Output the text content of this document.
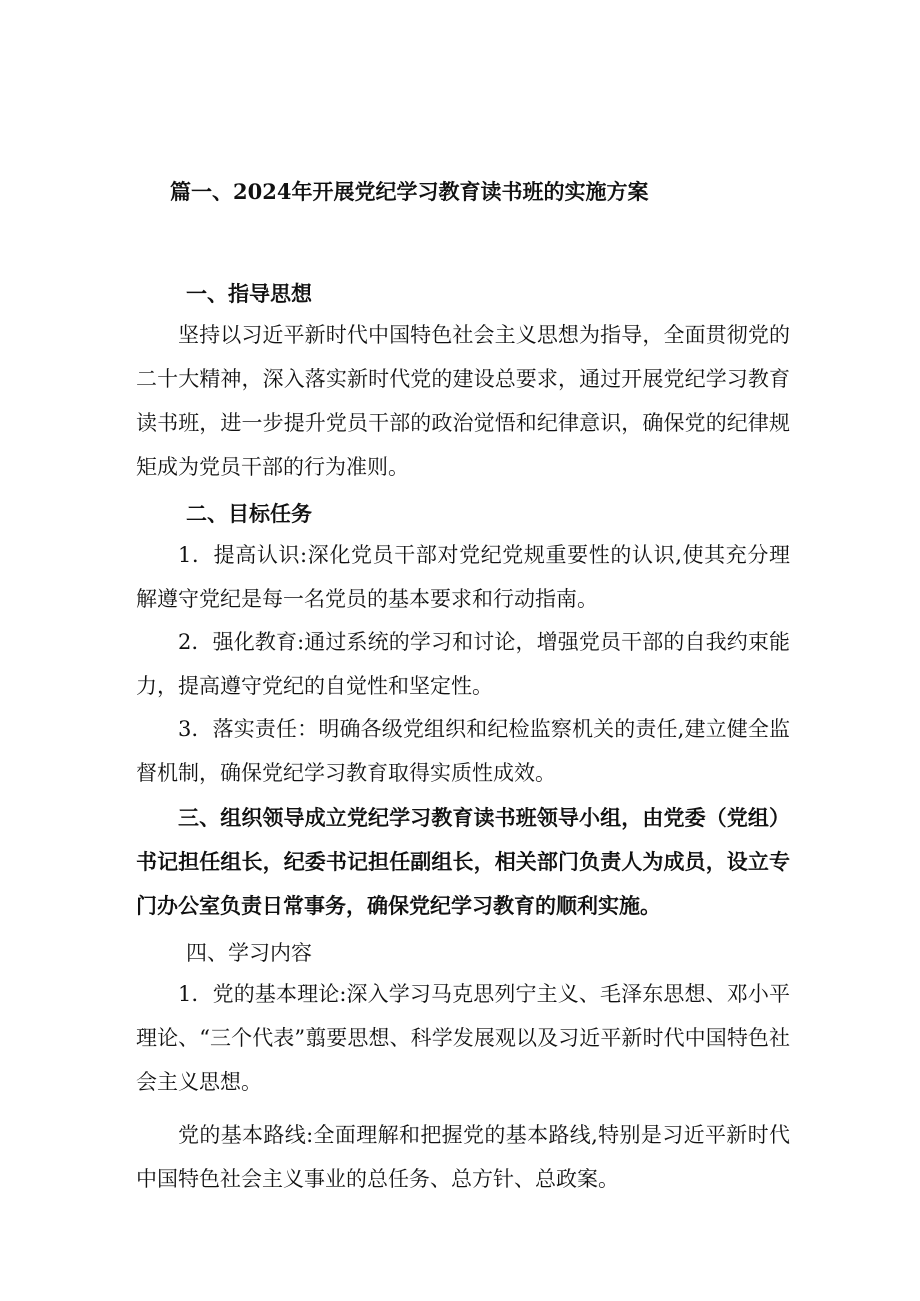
篇一、2024年开展党纪学习教育读书班的实施方案
一、指导思想
坚持以习近平新时代中国特色社会主义思想为指导，全面贯彻党的二十大精神，深入落实新时代党的建设总要求，通过开展党纪学习教育读书班，进一步提升党员干部的政治觉悟和纪律意识，确保党的纪律规矩成为党员干部的行为准则。
二、目标任务
1．提高认识:深化党员干部对党纪党规重要性的认识,使其充分理解遵守党纪是每一名党员的基本要求和行动指南。
2．强化教育:通过系统的学习和讨论，增强党员干部的自我约束能力，提高遵守党纪的自觉性和坚定性。
3．落实责任：明确各级党组织和纪检监察机关的责任,建立健全监督机制，确保党纪学习教育取得实质性成效。
三、组织领导成立党纪学习教育读书班领导小组，由党委（党组）书记担任组长，纪委书记担任副组长，相关部门负责人为成员，设立专门办公室负责日常事务，确保党纪学习教育的顺利实施。
四、学习内容
1．党的基本理论:深入学习马克思列宁主义、毛泽东思想、邓小平理论、“三个代表”翦要思想、科学发展观以及习近平新时代中国特色社会主义思想。
党的基本路线:全面理解和把握党的基本路线,特别是习近平新时代中国特色社会主义事业的总任务、总方针、总政案。
